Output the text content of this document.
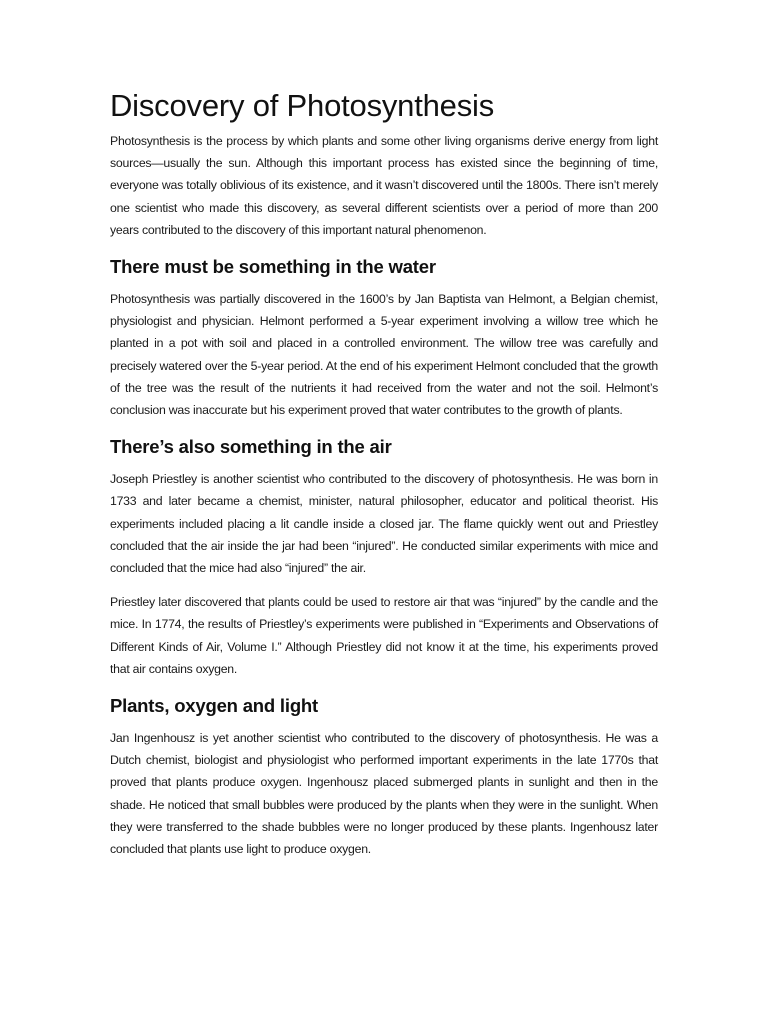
Discovery of Photosynthesis

Photosynthesis is the process by which plants and some other living organisms derive energy from light sources—usually the sun. Although this important process has existed since the beginning of time, everyone was totally oblivious of its existence, and it wasn’t discovered until the 1800s. There isn’t merely one scientist who made this discovery, as several different scientists over a period of more than 200 years contributed to the discovery of this important natural phenomenon.

There must be something in the water

Photosynthesis was partially discovered in the 1600’s by Jan Baptista van Helmont, a Belgian chemist, physiologist and physician. Helmont performed a 5-year experiment involving a willow tree which he planted in a pot with soil and placed in a controlled environment. The willow tree was carefully and precisely watered over the 5-year period. At the end of his experiment Helmont concluded that the growth of the tree was the result of the nutrients it had received from the water and not the soil. Helmont’s conclusion was inaccurate but his experiment proved that water contributes to the growth of plants.

There’s also something in the air

Joseph Priestley is another scientist who contributed to the discovery of photosynthesis. He was born in 1733 and later became a chemist, minister, natural philosopher, educator and political theorist. His experiments included placing a lit candle inside a closed jar. The flame quickly went out and Priestley concluded that the air inside the jar had been “injured”. He conducted similar experiments with mice and concluded that the mice had also “injured” the air.

Priestley later discovered that plants could be used to restore air that was “injured” by the candle and the mice. In 1774, the results of Priestley’s experiments were published in “Experiments and Observations of Different Kinds of Air, Volume I.” Although Priestley did not know it at the time, his experiments proved that air contains oxygen.

Plants, oxygen and light

Jan Ingenhousz is yet another scientist who contributed to the discovery of photosynthesis. He was a Dutch chemist, biologist and physiologist who performed important experiments in the late 1770s that proved that plants produce oxygen. Ingenhousz placed submerged plants in sunlight and then in the shade. He noticed that small bubbles were produced by the plants when they were in the sunlight. When they were transferred to the shade bubbles were no longer produced by these plants. Ingenhousz later concluded that plants use light to produce oxygen.
